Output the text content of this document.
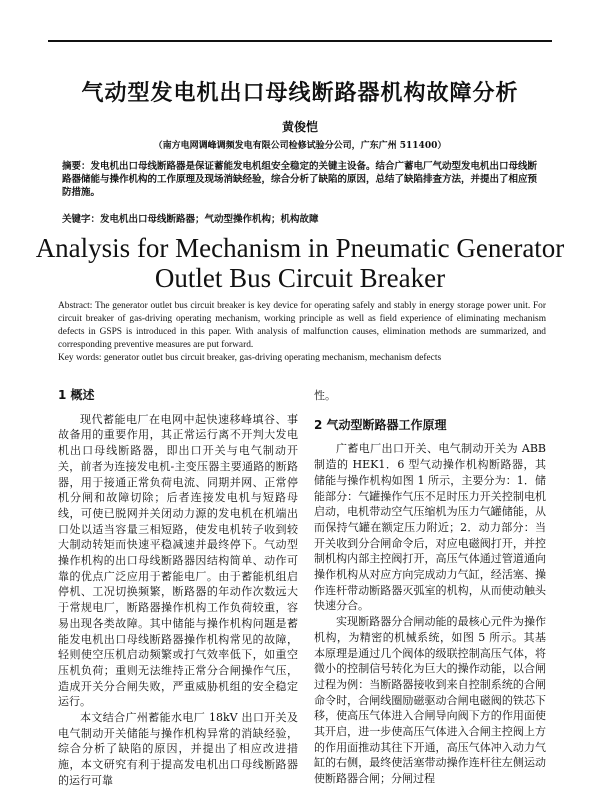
气动型发电机出口母线断路器机构故障分析
黄俊恺
（南方电网调峰调频发电有限公司检修试验分公司，广东广州 511400）
摘要：发电机出口母线断路器是保证蓄能发电机组安全稳定的关键主设备。结合广蓄电厂气动型发电机出口母线断路器储能与操作机构的工作原理及现场消缺经验，综合分析了缺陷的原因，总结了缺陷排查方法，并提出了相应预防措施。
关键字：发电机出口母线断路器；气动型操作机构；机构故障
Analysis for Mechanism in Pneumatic Generator
Outlet Bus Circuit Breaker
Abstract: The generator outlet bus circuit breaker is key device for operating safely and stably in energy storage power unit. For circuit breaker of gas-driving operating mechanism, working principle as well as field experience of eliminating mechanism defects in GSPS is introduced in this paper. With analysis of malfunction causes, elimination methods are summarized, and corresponding preventive measures are put forward.
Key words: generator outlet bus circuit breaker, gas-driving operating mechanism, mechanism defects
1 概述

现代蓄能电厂在电网中起快速移峰填谷、事故备用的重要作用，其正常运行离不开判大发电机出口母线断路器，即出口开关与电气制动开关，前者为连接发电机-主变压器主要通路的断路器，用于接通正常负荷电流、同期并网、正常停机分闸和故障切除；后者连接发电机与短路母线，可使已脱网并关闭动力源的发电机在机端出口处以适当容量三相短路，使发电机转子收到较大制动转矩而快速平稳减速并最终停下。气动型操作机构的出口母线断路器因结构简单、动作可靠的优点广泛应用于蓄能电厂。由于蓄能机组启停机、工况切换频繁，断路器的年动作次数远大于常规电厂，断路器操作机构工作负荷较重，容易出现各类故障。其中储能与操作机构问题是蓄能发电机出口母线断路器操作机构常见的故障，轻则使空压机启动频繁或打气效率低下，如重空压机负荷；重则无法维持正常分合闸操作气压，造成开关分合闸失败，严重威胁机组的安全稳定运行。

本文结合广州蓄能水电厂 18kV 出口开关及电气制动开关储能与操作机构异常的消缺经验，综合分析了缺陷的原因，并提出了相应改进措施，本文研究有利于提高发电机出口母线断路器的运行可靠

性。

2 气动型断路器工作原理

广蓄电厂出口开关、电气制动开关为 ABB 制造的 HEK1．6 型气动操作机构断路器，其储能与操作机构如图 1 所示，主要分为：1．储能部分：气罐操作气压不足时压力开关控制电机启动，电机带动空气压缩机为压力气罐储能，从而保持气罐在额定压力附近；2．动力部分：当开关收到分合闸命令后，对应电磁阀打开，并控制机构内部主控阀打开，高压气体通过管道通向操作机构从对应方向完成动力气缸，经活塞、操作连杆带动断路器灭弧室的机构，从而使动触头快速分合。

实现断路器分合闸动能的最核心元件为操作机构，为精密的机械系统，如图 5 所示。其基本原理是通过几个阀体的级联控制高压气体，将微小的控制信号转化为巨大的操作动能，以合闸过程为例：当断路器接收到来自控制系统的合闸命令时，合闸线圈励磁驱动合闸电磁阀的铁芯下移，使高压气体进入合闸导向阀下方的作用面使其开启，进一步使高压气体进入合闸主控阀上方的作用面推动其往下开通，高压气体冲入动力气缸的右侧，最终使活塞带动操作连杆往左侧运动使断路器合闸；分闸过程
